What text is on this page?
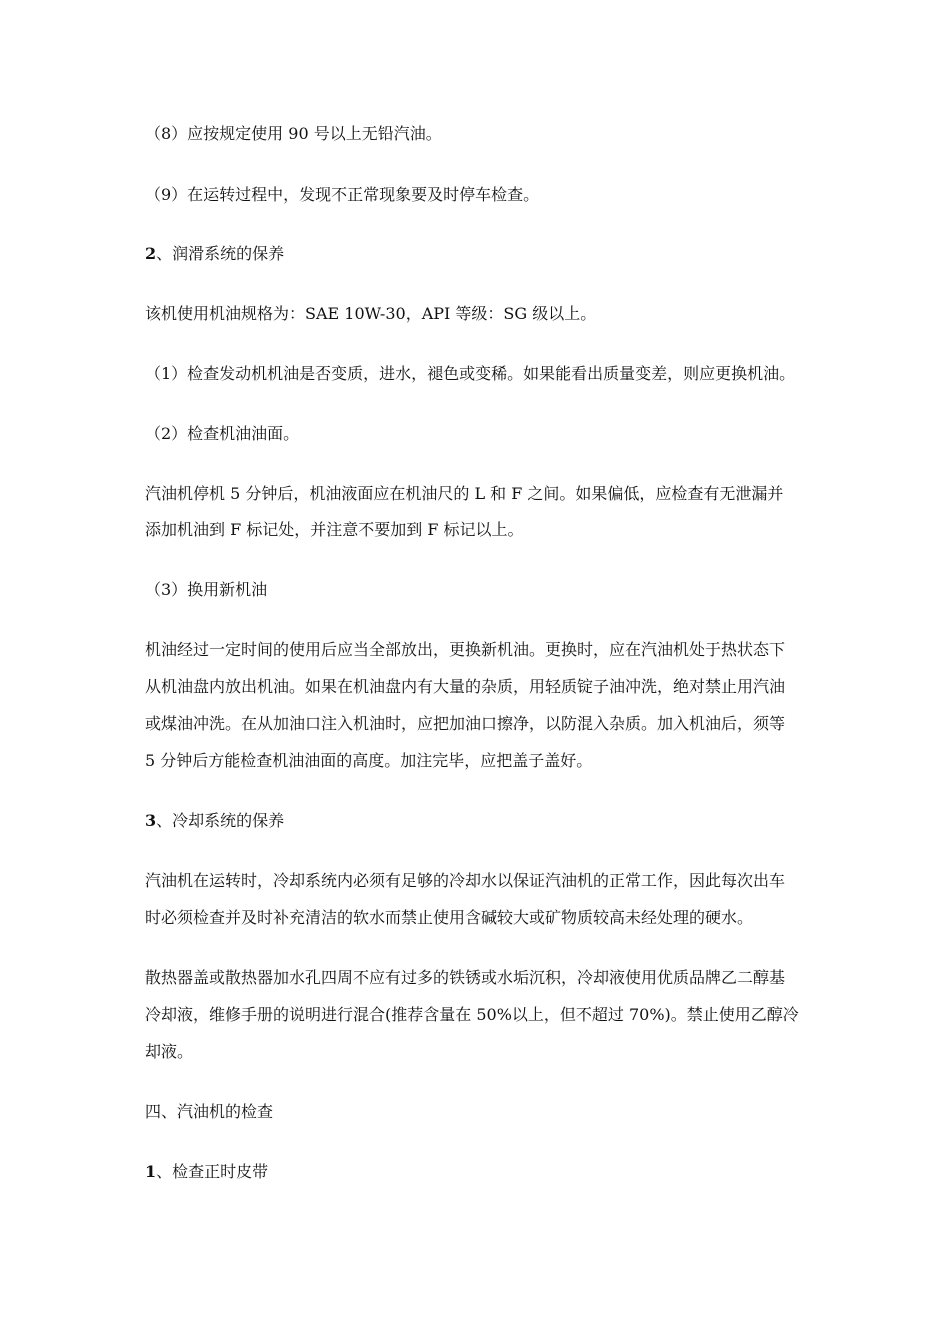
（8）应按规定使用 90 号以上无铅汽油。
（9）在运转过程中，发现不正常现象要及时停车检查。
2、润滑系统的保养
该机使用机油规格为：SAE 10W-30，API 等级：SG 级以上。
（1）检查发动机机油是否变质，进水，褪色或变稀。如果能看出质量变差，则应更换机油。
（2）检查机油油面。
汽油机停机 5 分钟后，机油液面应在机油尺的 L 和 F 之间。如果偏低，应检查有无泄漏并
添加机油到 F 标记处，并注意不要加到 F 标记以上。
（3）换用新机油
机油经过一定时间的使用后应当全部放出，更换新机油。更换时，应在汽油机处于热状态下
从机油盘内放出机油。如果在机油盘内有大量的杂质，用轻质锭子油冲洗，绝对禁止用汽油
或煤油冲洗。在从加油口注入机油时，应把加油口擦净，以防混入杂质。加入机油后，须等
5 分钟后方能检查机油油面的高度。加注完毕，应把盖子盖好。
3、冷却系统的保养
汽油机在运转时，冷却系统内必须有足够的冷却水以保证汽油机的正常工作，因此每次出车
时必须检查并及时补充清洁的软水而禁止使用含碱较大或矿物质较高未经处理的硬水。
散热器盖或散热器加水孔四周不应有过多的铁锈或水垢沉积，冷却液使用优质品牌乙二醇基
冷却液，维修手册的说明进行混合(推荐含量在 50%以上，但不超过 70%)。禁止使用乙醇冷
却液。
四、汽油机的检查
1、检查正时皮带
